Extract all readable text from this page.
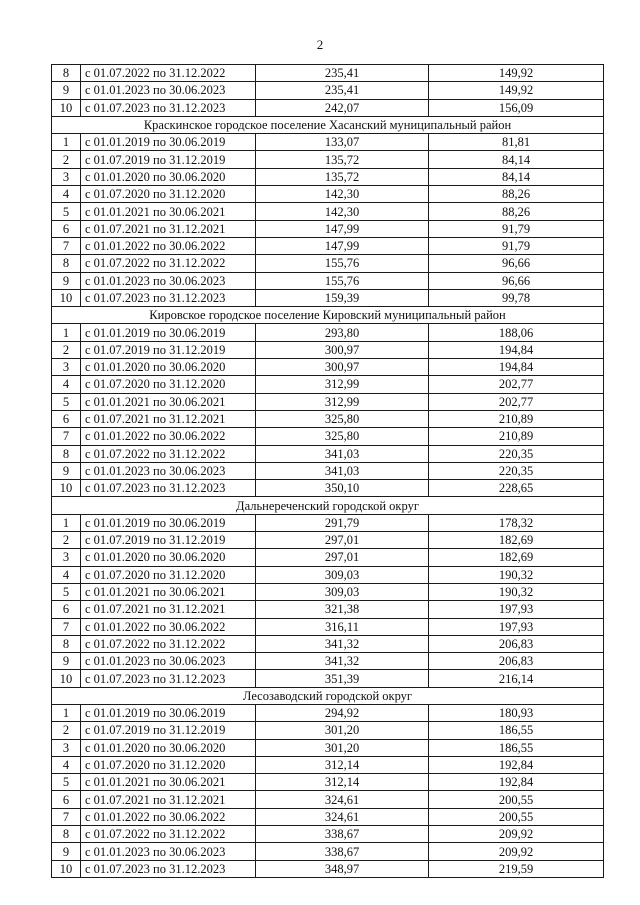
2
8	с 01.07.2022 по 31.12.2022	235,41	149,92
9	с 01.01.2023 по 30.06.2023	235,41	149,92
10	с 01.07.2023 по 31.12.2023	242,07	156,09
Краскинское городское поселение Хасанский муниципальный район			
1	с 01.01.2019 по 30.06.2019	133,07	81,81
2	с 01.07.2019 по 31.12.2019	135,72	84,14
3	с 01.01.2020 по 30.06.2020	135,72	84,14
4	с 01.07.2020 по 31.12.2020	142,30	88,26
5	с 01.01.2021 по 30.06.2021	142,30	88,26
6	с 01.07.2021 по 31.12.2021	147,99	91,79
7	с 01.01.2022 по 30.06.2022	147,99	91,79
8	с 01.07.2022 по 31.12.2022	155,76	96,66
9	с 01.01.2023 по 30.06.2023	155,76	96,66
10	с 01.07.2023 по 31.12.2023	159,39	99,78
Кировское городское поселение Кировский муниципальный район			
1	с 01.01.2019 по 30.06.2019	293,80	188,06
2	с 01.07.2019 по 31.12.2019	300,97	194,84
3	с 01.01.2020 по 30.06.2020	300,97	194,84
4	с 01.07.2020 по 31.12.2020	312,99	202,77
5	с 01.01.2021 по 30.06.2021	312,99	202,77
6	с 01.07.2021 по 31.12.2021	325,80	210,89
7	с 01.01.2022 по 30.06.2022	325,80	210,89
8	с 01.07.2022 по 31.12.2022	341,03	220,35
9	с 01.01.2023 по 30.06.2023	341,03	220,35
10	с 01.07.2023 по 31.12.2023	350,10	228,65
Дальнереченский городской округ			
1	с 01.01.2019 по 30.06.2019	291,79	178,32
2	с 01.07.2019 по 31.12.2019	297,01	182,69
3	с 01.01.2020 по 30.06.2020	297,01	182,69
4	с 01.07.2020 по 31.12.2020	309,03	190,32
5	с 01.01.2021 по 30.06.2021	309,03	190,32
6	с 01.07.2021 по 31.12.2021	321,38	197,93
7	с 01.01.2022 по 30.06.2022	316,11	197,93
8	с 01.07.2022 по 31.12.2022	341,32	206,83
9	с 01.01.2023 по 30.06.2023	341,32	206,83
10	с 01.07.2023 по 31.12.2023	351,39	216,14
Лесозаводский городской округ			
1	с 01.01.2019 по 30.06.2019	294,92	180,93
2	с 01.07.2019 по 31.12.2019	301,20	186,55
3	с 01.01.2020 по 30.06.2020	301,20	186,55
4	с 01.07.2020 по 31.12.2020	312,14	192,84
5	с 01.01.2021 по 30.06.2021	312,14	192,84
6	с 01.07.2021 по 31.12.2021	324,61	200,55
7	с 01.01.2022 по 30.06.2022	324,61	200,55
8	с 01.07.2022 по 31.12.2022	338,67	209,92
9	с 01.01.2023 по 30.06.2023	338,67	209,92
10	с 01.07.2023 по 31.12.2023	348,97	219,59
